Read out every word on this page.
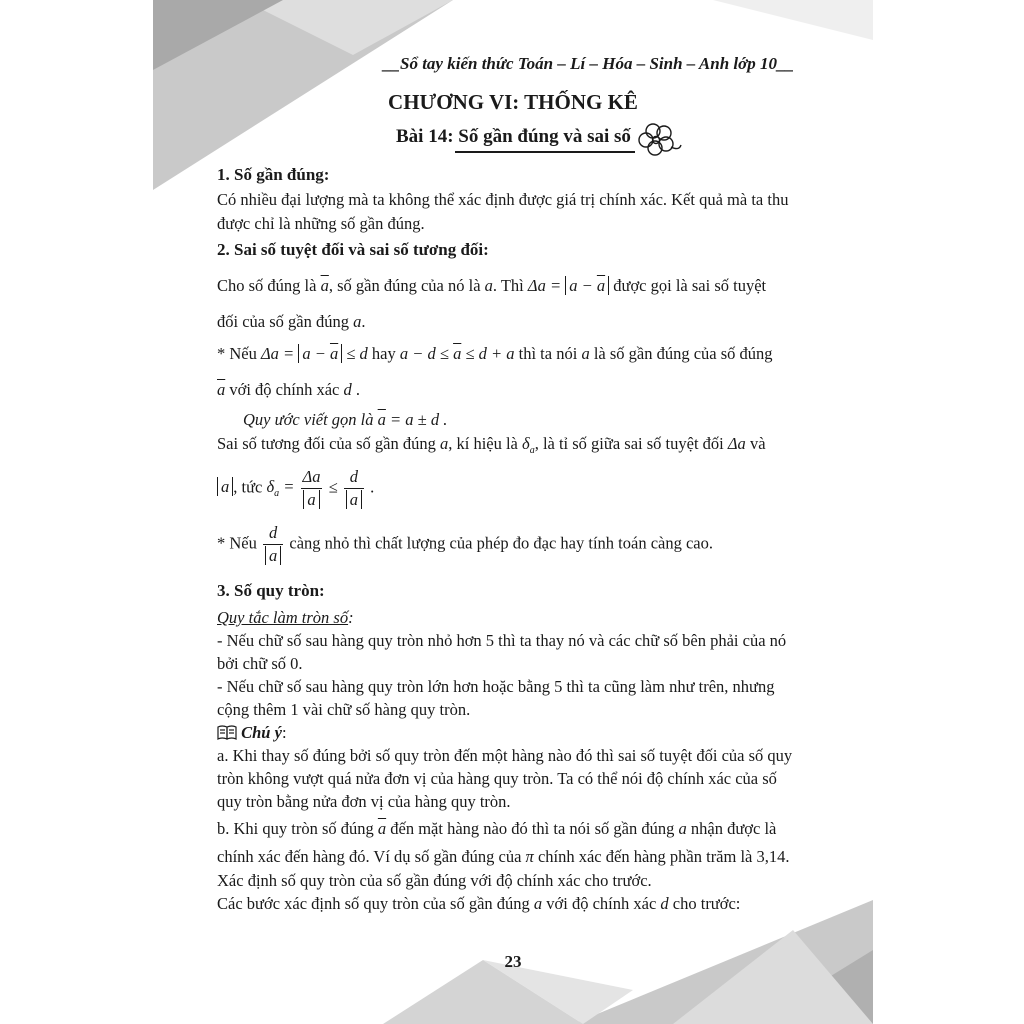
__Sổ tay kiến thức Toán – Lí – Hóa – Sinh – Anh lớp 10__
CHƯƠNG VI: THỐNG KÊ
Bài 14: Số gần đúng và sai số
1. Số gần đúng:
Có nhiều đại lượng mà ta không thể xác định được giá trị chính xác. Kết quả mà ta thu
được chỉ là những số gần đúng.
2. Sai số tuyệt đối và sai số tương đối:
Cho số đúng là $\overline{a}$, số gần đúng của nó là a. Thì $\Delta a = a - \overline{a}$ được gọi là sai số tuyệt
đối của số gần đúng a.
* Nếu $\Delta a = a - \overline{a} \le d$ hay $a - d \le \overline{a} \le d + a$ thì ta nói a là số gần đúng của số đúng
$\overline{a}$ với độ chính xác d .
Quy ước viết gọn là $\overline{a} = a \pm d$ .
Sai số tương đối của số gần đúng a, kí hiệu là $\delta_a$, là tỉ số giữa sai số tuyệt đối Δa và
a , tức $\delta_a = \frac{\Delta a}{a} \le \frac{d}{a}$ .
* Nếu $\frac{d}{a}$ càng nhỏ thì chất lượng của phép đo đạc hay tính toán càng cao.
3. Số quy tròn:
Quy tắc làm tròn số:
- Nếu chữ số sau hàng quy tròn nhỏ hơn 5 thì ta thay nó và các chữ số bên phải của nó
bởi chữ số 0.
- Nếu chữ số sau hàng quy tròn lớn hơn hoặc bằng 5 thì ta cũng làm như trên, nhưng
cộng thêm 1 vài chữ số hàng quy tròn.
Chú ý:
a. Khi thay số đúng bởi số quy tròn đến một hàng nào đó thì sai số tuyệt đối của số quy
tròn không vượt quá nửa đơn vị của hàng quy tròn. Ta có thể nói độ chính xác của số
quy tròn bằng nửa đơn vị của hàng quy tròn.
b. Khi quy tròn số đúng $\overline{a}$ đến mặt hàng nào đó thì ta nói số gần đúng a nhận được là
chính xác đến hàng đó. Ví dụ số gần đúng của π chính xác đến hàng phần trăm là 3,14.
Xác định số quy tròn của số gần đúng với độ chính xác cho trước.
Các bước xác định số quy tròn của số gần đúng a với độ chính xác d cho trước:
23
